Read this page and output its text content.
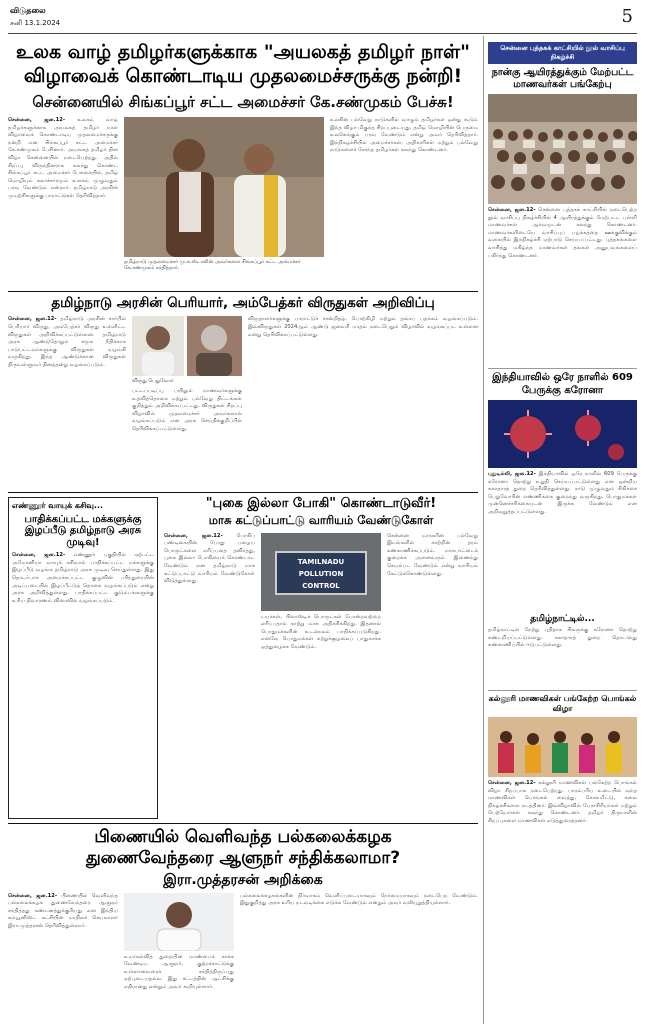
விடுதலை
சனி 13.1.2024	5
உலக வாழ் தமிழர்களுக்காக "அயலகத் தமிழர் நாள்"
விழாவைக் கொண்டாடிய முதலமைச்சருக்கு நன்றி!
சென்னையில் சிங்கப்பூர் சட்ட அமைச்சர் கே.சண்முகம் பேச்சு!
சென்னை, ஜன.12- உலகம் வாழ் தமிழர்களுக்காக அயலகத் தமிழர் நாள் விழாவைக் கொண்டாடிய முதலமைச்சருக்கு நன்றி என சிங்கப்பூர் சட்ட அமைச்சர் கே.சண்முகம் பேசினார். அயலகத் தமிழர் தின விழா சென்னையில் நடைபெற்றது. அதில் சிறப்பு விருந்தினராக கலந்து கொண்ட சிங்கப்பூர் சட்ட அமைச்சர் பேசுகையில், தமிழ் மொழியும் கலாச்சாரமும் உலகம் முழுவதும் பரவ வேண்டும் என்றார். தமிழ்நாடு அரசின் முயற்சிகளுக்கு பாராட்டுகள் தெரிவித்தார்.
தமிழ்நாடு முதலமைச்சர் மு.க.ஸ்டாலின் அவர்களை சிங்கப்பூர் சட்ட அமைச்சர் கே.சண்முகம் சந்தித்தார்.
உலகின் பல்வேறு நாடுகளில் வாழும் தமிழர்கள் ஒன்று கூடும் இந்த விழா மிகுந்த சிறப்புடையது. தமிழ் மொழியின் பெருமை உலகெங்கும் பரவ வேண்டும் என்று அவர் தெரிவித்தார். இந்நிகழ்ச்சியில் அமைச்சர்கள், அதிகாரிகள் மற்றும் பல்வேறு நாடுகளைச் சேர்ந்த தமிழர்கள் கலந்து கொண்டனர்.
தமிழ்நாடு அரசின் பெரியார், அம்பேத்கர் விருதுகள் அறிவிப்பு
சென்னை, ஜன.12- தமிழ்நாடு அரசின் சார்பில் பெரியார் விருது, அம்பேத்கர் விருது உள்ளிட்ட விருதுகள் அறிவிக்கப்பட்டுள்ளன. தமிழ்நாடு அரசு ஆண்டுதோறும் சமூக நீதிக்காக பாடுபட்டவர்களுக்கு விருதுகள் வழங்கி வருகிறது. இந்த ஆண்டுக்கான விருதுகள் திருவள்ளுவர் தினத்தன்று வழங்கப்படும்.
விருது பெறுவோர்
பட்டப்படிப்பு பயிலும் மாணவர்களுக்கு உதவித்தொகை மற்றும் பல்வேறு திட்டங்கள் குறித்தும் அறிவிக்கப்பட்டது. விருதுகள் சிறப்பு விழாவில் முதலமைச்சர் அவர்களால் வழங்கப்படும் என அரசு செய்திக்குறிப்பில் தெரிவிக்கப்பட்டுள்ளது.
விருதாளர்களுக்கு பாராட்டுச் சான்றிதழ், பொற்கிழி மற்றும் தங்கப் பதக்கம் வழங்கப்படும். இவ்விருதுகள் 2024ஆம் ஆண்டு ஜனவரி மாதம் நடைபெறும் விழாவில் வழங்கப்பட உள்ளன என்று தெரிவிக்கப்பட்டுள்ளது.
எண்ணூர் வாயுக் கசிவு...
பாதிக்கப்பட்ட மக்களுக்கு இழப்பீடு தமிழ்நாடு அரசு முடிவு!
சென்னை, ஜன.12- எண்ணூர் பகுதியில் ஏற்பட்ட அமோனியா வாயுக் கசிவால் பாதிக்கப்பட்ட மக்களுக்கு இழப்பீடு வழங்க தமிழ்நாடு அரசு முடிவு செய்துள்ளது. இது தொடர்பாக அமைக்கப்பட்ட குழுவின் பரிந்துரையின் அடிப்படையில் இழப்பீட்டுத் தொகை வழங்கப்படும் என்று அரசு அறிவித்துள்ளது. பாதிக்கப்பட்ட குடும்பங்களுக்கு உரிய நிவாரணம் விரைவில் வழங்கப்படும்.
"புகை இல்லா போகி" கொண்டாடுவீர்!
மாசு கட்டுப்பாட்டு வாரியம் வேண்டுகோள்
சென்னை, ஜன.12-	போகிப் பண்டிகையின் போது பழைய பொருட்களை எரிப்பதை தவிர்த்து, புகை இல்லா போகியைக் கொண்டாட வேண்டும் என தமிழ்நாடு மாசு கட்டுப்பாட்டு வாரியம் வேண்டுகோள் விடுத்துள்ளது.
TAMILNADU
POLLUTION
CONTROL
டயர்கள், பிளாஸ்டிக் பொருட்கள் போன்றவற்றை எரிப்பதால் காற்று மாசு அதிகரிக்கிறது. இதனால் பொதுமக்களின் உடல்நலம் பாதிக்கப்படுகிறது. எனவே பொதுமக்கள் சுற்றுச்சூழலைப் பாதுகாக்க ஒத்துழைக்க வேண்டும்.
சென்னை மாநகரின் பல்வேறு இடங்களில் காற்றின் தரம் கண்காணிக்கப்படும். மாசுபாட்டைக் குறைக்க அனைவரும் இணைந்து செயல்பட வேண்டும் என்று வாரியம் கேட்டுக்கொண்டுள்ளது.
பிணையில் வெளிவந்த பல்கலைக்கழக
துணைவேந்தரை ஆளுநர் சந்திக்கலாமா?
இரா.முத்தரசன் அறிக்கை
சென்னை, ஜன.12- பிணையில் வெளிவந்த பல்கலைக்கழக துணைவேந்தரை ஆளுநர் சந்தித்தது கண்டனத்துக்குரியது என இந்திய கம்யூனிஸ்ட் கட்சியின் மாநிலச் செயலாளர் இரா.முத்தரசன் தெரிவித்துள்ளார்.
உயர்கல்வித் துறையின் மாண்பைக் காக்க வேண்டிய ஆளுநர், குற்றச்சாட்டுக்கு உள்ளானவரைச் சந்தித்திருப்பது ஏற்புடையதல்ல. இது சட்டத்தின் ஆட்சிக்கு எதிரானது என்றும் அவர் கூறியுள்ளார்.
பல்கலைக்கழகங்களின் நிர்வாகம் வெளிப்படையாகவும் நேர்மையாகவும் நடைபெற வேண்டும். இதுகுறித்து அரசு உரிய நடவடிக்கை எடுக்க வேண்டும் என்றும் அவர் வலியுறுத்தியுள்ளார்.
சென்னை புத்தகக் காட்சியில் நூல் வாசிப்பு நிகழ்ச்சி
நான்கு ஆயிரத்துக்கும் மேற்பட்ட மாணவர்கள் பங்கேற்பு
சென்னை, ஜன.12- சென்னை புத்தகக் காட்சியில் நடைபெற்ற நூல் வாசிப்பு நிகழ்ச்சியில் 4 ஆயிரத்துக்கும் மேற்பட்ட பள்ளி மாணவர்கள் ஆர்வமுடன் கலந்து கொண்டனர். மாணவர்களிடையே வாசிப்புப் பழக்கத்தை ஊக்குவிக்கும் வகையில் இந்நிகழ்ச்சி ஏற்பாடு செய்யப்பட்டது. புத்தகங்களை வாசித்து மகிழ்ந்த மாணவர்கள் தங்கள் அனுபவங்களைப் பகிர்ந்து கொண்டனர்.
இந்தியாவில் ஒரே நாளில் 609 பேருக்கு கரோனா
புதுடில்லி, ஜன.12- இந்தியாவில் ஒரே நாளில் 609 பேருக்கு கரோனா தொற்று உறுதி செய்யப்பட்டுள்ளது என ஒன்றிய சுகாதாரத் துறை தெரிவித்துள்ளது. நாடு முழுவதும் சிகிச்சை பெறுவோரின் எண்ணிக்கை குறைந்து வருகிறது. பொதுமக்கள் முன்னெச்சரிக்கையுடன் இருக்க வேண்டும் என அறிவுறுத்தப்பட்டுள்ளது.
தமிழ்நாட்டில்...
தமிழ்நாட்டில் நேற்று புதிதாக சிலருக்கு கரோனா தொற்று கண்டறியப்பட்டுள்ளது. சுகாதாரத் துறை தொடர்ந்து கண்காணிப்பில் ஈடுபட்டுள்ளது.
கல்லூரி மாணவிகள் பங்கேற்ற பொங்கல் விழா
சென்னை, ஜன.12- கல்லூரி மாணவிகள் பங்கேற்ற பொங்கல் விழா சிறப்பாக நடைபெற்றது. பாரம்பரிய உடையில் வந்த மாணவிகள் பொங்கல் வைத்து, கோலமிட்டு, கலை நிகழ்ச்சிகளை நடத்தினர். இவ்விழாவில் பேராசிரியர்கள் மற்றும் பெற்றோர்கள் கலந்து கொண்டனர். தமிழர் திருநாளின் சிறப்புகளை மாணவிகள் எடுத்துரைத்தனர்.
